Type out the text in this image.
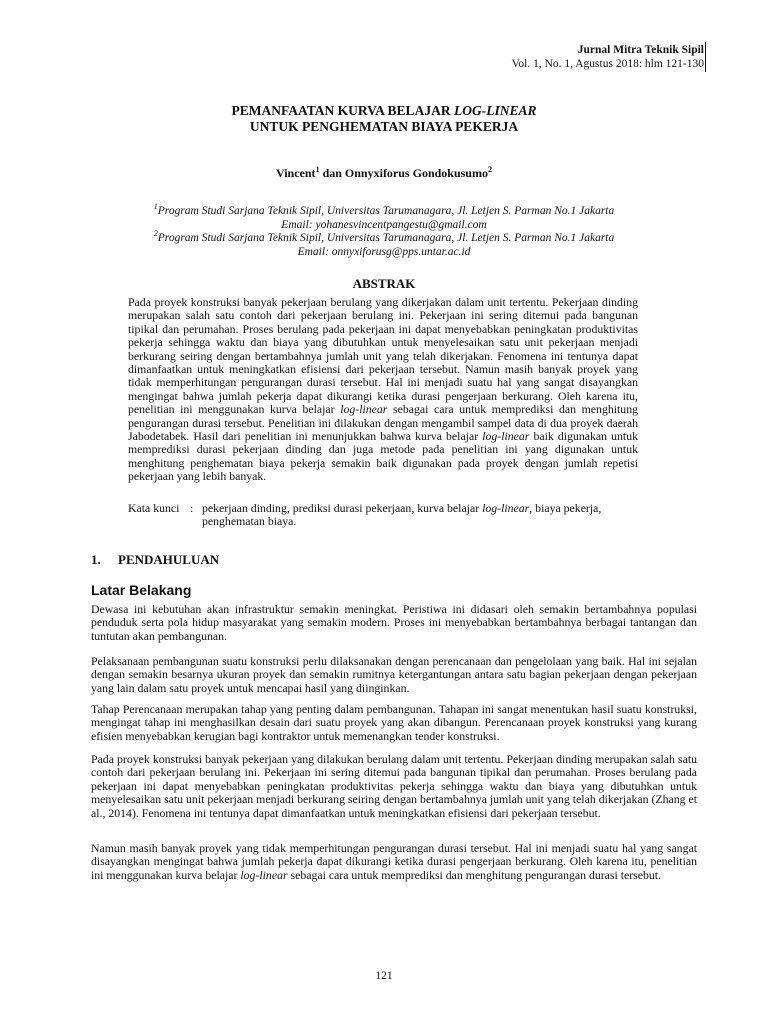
Jurnal Mitra Teknik Sipil
Vol. 1, No. 1, Agustus 2018: hlm 121-130
PEMANFAATAN KURVA BELAJAR LOG-LINEAR
UNTUK PENGHEMATAN BIAYA PEKERJA
Vincent$^1$ dan Onnyxiforus Gondokusumo$^2$
$^1$Program Studi Sarjana Teknik Sipil, Universitas Tarumanagara, Jl. Letjen S. Parman No.1 Jakarta
Email: yohanesvincentpangestu@gmail.com
$^2$Program Studi Sarjana Teknik Sipil, Universitas Tarumanagara, Jl. Letjen S. Parman No.1 Jakarta
Email: onnyxiforusg@pps.untar.ac.id
ABSTRAK
Pada proyek konstruksi banyak pekerjaan berulang yang dikerjakan dalam unit tertentu. Pekerjaan dinding merupakan salah satu contoh dari pekerjaan berulang ini. Pekerjaan ini sering ditemui pada bangunan tipikal dan perumahan. Proses berulang pada pekerjaan ini dapat menyebabkan peningkatan produktivitas pekerja sehingga waktu dan biaya yang dibutuhkan untuk menyelesaikan satu unit pekerjaan menjadi berkurang seiring dengan bertambahnya jumlah unit yang telah dikerjakan. Fenomena ini tentunya dapat dimanfaatkan untuk meningkatkan efisiensi dari pekerjaan tersebut. Namun masih banyak proyek yang tidak memperhitungan pengurangan durasi tersebut. Hal ini menjadi suatu hal yang sangat disayangkan mengingat bahwa jumlah pekerja dapat dikurangi ketika durasi pengerjaan berkurang. Oleh karena itu, penelitian ini menggunakan kurva belajar log-linear sebagai cara untuk memprediksi dan menghitung pengurangan durasi tersebut. Penelitian ini dilakukan dengan mengambil sampel data di dua proyek daerah Jabodetabek. Hasil dari penelitian ini menunjukkan bahwa kurva belajar log-linear baik digunakan untuk memprediksi durasi pekerjaan dinding dan juga metode pada penelitian ini yang digunakan untuk menghitung penghematan biaya pekerja semakin baik digunakan pada proyek dengan jumlah repetisi pekerjaan yang lebih banyak.
Kata kunci : pekerjaan dinding, prediksi durasi pekerjaan, kurva belajar log-linear, biaya pekerja, penghematan biaya.
1. PENDAHULUAN
Latar Belakang
Dewasa ini kebutuhan akan infrastruktur semakin meningkat. Peristiwa ini didasari oleh semakin bertambahnya populasi penduduk serta pola hidup masyarakat yang semakin modern. Proses ini menyebabkan bertambahnya berbagai tantangan dan tuntutan akan pembangunan.
Pelaksanaan pembangunan suatu konstruksi perlu dilaksanakan dengan perencanaan dan pengelolaan yang baik. Hal ini sejalan dengan semakin besarnya ukuran proyek dan semakin rumitnya ketergantungan antara satu bagian pekerjaan dengan pekerjaan yang lain dalam satu proyek untuk mencapai hasil yang diinginkan.
Tahap Perencanaan merupakan tahap yang penting dalam pembangunan. Tahapan ini sangat menentukan hasil suatu konstruksi, mengingat tahap ini menghasilkan desain dari suatu proyek yang akan dibangun. Perencanaan proyek konstruksi yang kurang efisien menyebabkan kerugian bagi kontraktor untuk memenangkan tender konstruksi.
Pada proyek konstruksi banyak pekerjaan yang dilakukan berulang dalam unit tertentu. Pekerjaan dinding merupakan salah satu contoh dari pekerjaan berulang ini. Pekerjaan ini sering ditemui pada bangunan tipikal dan perumahan. Proses berulang pada pekerjaan ini dapat menyebabkan peningkatan produktivitas pekerja sehingga waktu dan biaya yang dibutuhkan untuk menyelesaikan satu unit pekerjaan menjadi berkurang seiring dengan bertambahnya jumlah unit yang telah dikerjakan (Zhang et al., 2014). Fenomena ini tentunya dapat dimanfaatkan untuk meningkatkan efisiensi dari pekerjaan tersebut.
Namun masih banyak proyek yang tidak memperhitungan pengurangan durasi tersebut. Hal ini menjadi suatu hal yang sangat disayangkan mengingat bahwa jumlah pekerja dapat dikurangi ketika durasi pengerjaan berkurang. Oleh karena itu, penelitian ini menggunakan kurva belajar log-linear sebagai cara untuk memprediksi dan menghitung pengurangan durasi tersebut.
121
